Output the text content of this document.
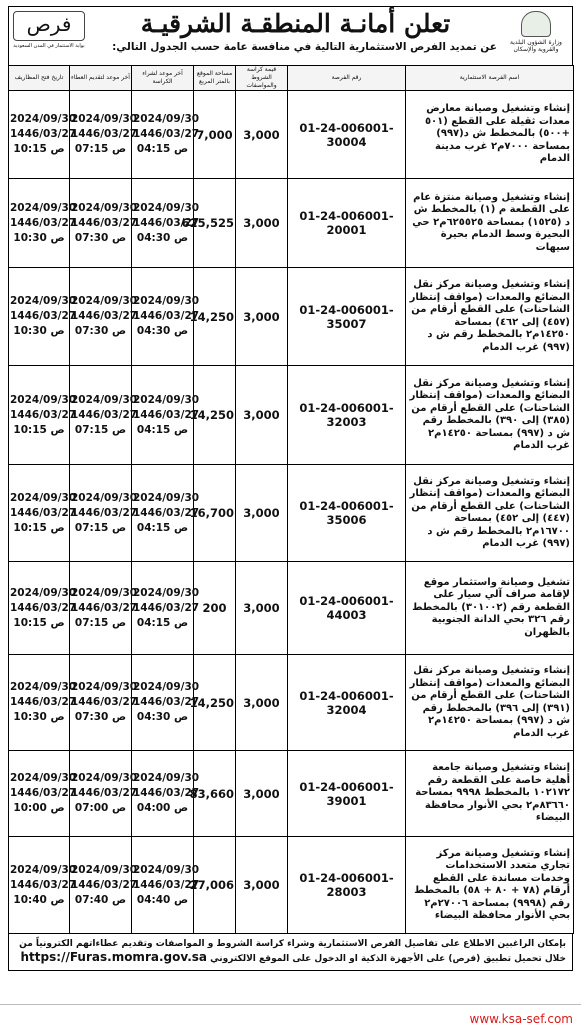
وزارة الشؤون البلدية والقروية والإسكان
تعلن أمانـة المنطقـة الشرقيـة
عن تمديد الفرص الاستثمارية التالية في منافسة عامة حسب الجدول التالي:
فرص
بوابة الاستثمار في المدن السعودية
اسم الفرصة الاستثمارية	رقم الفرصة	قيمة كراسة الشروط والمواصفات	مساحة الموقع بالمتر المربع	آخر موعد لشراء الكراسة	آخر موعد لتقديم العطاء	تاريخ فتح المظاريف
إنشاء وتشغيل وصيانة معارض معدات ثقيلة على القطع (٥٠١ +٥٠٠) بالمخطط ش د(٩٩٧) بمساحة ٧٠٠٠م٢ غرب مدينة الدمام	01-24-006001-30004	3,000	7,000	2024/09/30
1446/03/27
04:15 ص	2024/09/30
1446/03/27
07:15 ص	2024/09/30
1446/03/27
10:15 ص

إنشاء وتشغيل وصيانة منتزة عام على القطعة م (١) بالمخطط ش د (١٥٢٥) بمساحة ٦٢٥٥٢٥م٢ حي البحيرة وسط الدمام بحيرة سيهات	01-24-006001-20001	3,000	625,525	2024/09/30
1446/03/27
04:30 ص	2024/09/30
1446/03/27
07:30 ص	2024/09/30
1446/03/27
10:30 ص

إنشاء وتشغيل وصيانة مركز نقل البضائع والمعدات (مواقف إنتظار الشاحنات) على القطع أرقام من (٤٥٧) إلى ٤٦٢) بمساحة ١٤٢٥٠م٢ بالمخطط رقم ش د (٩٩٧) غرب الدمام	01-24-006001-35007	3,000	14,250	2024/09/30
1446/03/27
04:30 ص	2024/09/30
1446/03/27
07:30 ص	2024/09/30
1446/03/27
10:30 ص

إنشاء وتشغيل وصيانة مركز نقل البضائع والمعدات (مواقف إنتظار الشاحنات) على القطع أرقام من (٣٨٥) إلى ٣٩٠) بالمخطط رقم ش د (٩٩٧) بمساحة ١٤٢٥٠م٢ غرب الدمام	01-24-006001-32003	3,000	14,250	2024/09/30
1446/03/27
04:15 ص	2024/09/30
1446/03/27
07:15 ص	2024/09/30
1446/03/27
10:15 ص

إنشاء وتشغيل وصيانة مركز نقل البضائع والمعدات (مواقف إنتظار الشاحنات) على القطع أرقام من (٤٤٧) إلى ٤٥٢) بمساحة ١٦٧٠٠م٢ بالمخطط رقم ش د (٩٩٧) غرب الدمام	01-24-006001-35006	3,000	16,700	2024/09/30
1446/03/27
04:15 ص	2024/09/30
1446/03/27
07:15 ص	2024/09/30
1446/03/27
10:15 ص

تشغيل وصيانة واستثمار موقع لإقامة صراف آلي سيار على القطعة رقم (٣٠١٠٠٢) بالمخطط رقم ٣٢٦ بحي الدانة الجنوبية بالظهران	01-24-006001-44003	3,000	200	2024/09/30
1446/03/27
04:15 ص	2024/09/30
1446/03/27
07:15 ص	2024/09/30
1446/03/27
10:15 ص

إنشاء وتشغيل وصيانة مركز نقل البضائع والمعدات (مواقف إنتظار الشاحنات) على القطع أرقام من (٣٩١) إلى ٣٩٦) بالمخطط رقم ش د (٩٩٧) بمساحة ١٤٢٥٠م٢ غرب الدمام	01-24-006001-32004	3,000	14,250	2024/09/30
1446/03/27
04:30 ص	2024/09/30
1446/03/27
07:30 ص	2024/09/30
1446/03/27
10:30 ص

إنشاء وتشغيل وصيانة جامعة أهلية خاصة على القطعة رقم ١٠٢١٧٢ بالمخطط ٩٩٩٨ بمساحة ٨٣٦٦٠م٢ بحي الأنوار محافظة البيضاء	01-24-006001-39001	3,000	83,660	2024/09/30
1446/03/27
04:00 ص	2024/09/30
1446/03/27
07:00 ص	2024/09/30
1446/03/27
10:00 ص

إنشاء وتشغيل وصيانة مركز تجاري متعدد الاستخدامات وخدمات مساندة على القطع أرقام (٧٨ + ٨٠ + ٥٨) بالمخطط رقم (٩٩٩٨) بمساحة ٢٧٠٠٦م٢ بحي الأنوار محافظة البيضاء	01-24-006001-28003	3,000	27,006	2024/09/30
1446/03/27
04:40 ص	2024/09/30
1446/03/27
07:40 ص	2024/09/30
1446/03/27
10:40 ص
بإمكان الراغبين الاطلاع على تفاصيل الفرص الاستثمارية وشراء كراسة الشروط و المواصفات وتقديم عطاءاتهم الكترونياً من خلال تحميل تطبيق (فرص) على الأجهزة الذكية او الدخول على الموقع الالكتروني https://Furas.momra.gov.sa
www.ksa-sef.com
